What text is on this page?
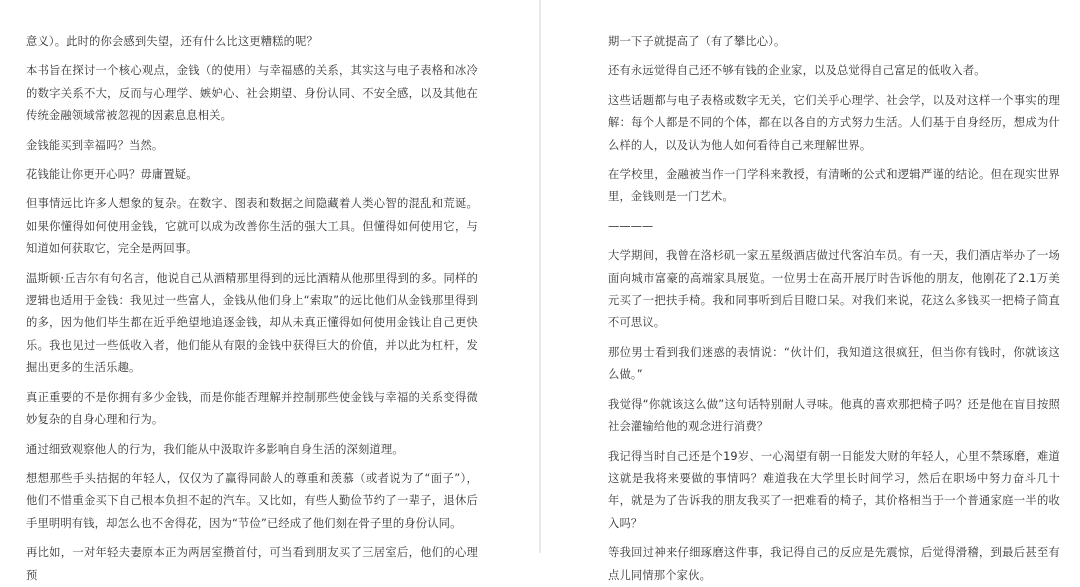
意义）。此时的你会感到失望，还有什么比这更糟糕的呢？

本书旨在探讨一个核心观点，金钱（的使用）与幸福感的关系，其实这与电子表格和冰冷的数字关系不大，反而与心理学、嫉妒心、社会期望、身份认同、不安全感，以及其他在传统金融领域常被忽视的因素息息相关。

金钱能买到幸福吗？当然。

花钱能让你更开心吗？毋庸置疑。

但事情远比许多人想象的复杂。在数字、图表和数据之间隐藏着人类心智的混乱和荒诞。如果你懂得如何使用金钱，它就可以成为改善你生活的强大工具。但懂得如何使用它，与知道如何获取它，完全是两回事。

温斯顿·丘吉尔有句名言，他说自己从酒精那里得到的远比酒精从他那里得到的多。同样的逻辑也适用于金钱：我见过一些富人，金钱从他们身上“索取”的远比他们从金钱那里得到的多，因为他们毕生都在近乎绝望地追逐金钱，却从未真正懂得如何使用金钱让自己更快乐。我也见过一些低收入者，他们能从有限的金钱中获得巨大的价值，并以此为杠杆，发掘出更多的生活乐趣。

真正重要的不是你拥有多少金钱，而是你能否理解并控制那些使金钱与幸福的关系变得微妙复杂的自身心理和行为。

通过细致观察他人的行为，我们能从中汲取许多影响自身生活的深刻道理。

想想那些手头拮据的年轻人，仅仅为了赢得同龄人的尊重和羡慕（或者说为了“面子”），他们不惜重金买下自己根本负担不起的汽车。又比如，有些人勤俭节约了一辈子，退休后手里明明有钱，却怎么也不舍得花，因为“节俭”已经成了他们刻在骨子里的身份认同。

再比如，一对年轻夫妻原本正为两居室攒首付，可当看到朋友买了三居室后，他们的心理预

期一下子就提高了（有了攀比心）。

还有永远觉得自己还不够有钱的企业家，以及总觉得自己富足的低收入者。

这些话题都与电子表格或数字无关，它们关乎心理学、社会学，以及对这样一个事实的理解：每个人都是不同的个体，都在以各自的方式努力生活。人们基于自身经历，想成为什么样的人，以及认为他人如何看待自己来理解世界。

在学校里，金融被当作一门学科来教授，有清晰的公式和逻辑严谨的结论。但在现实世界里，金钱则是一门艺术。

————

大学期间，我曾在洛杉矶一家五星级酒店做过代客泊车员。有一天，我们酒店举办了一场面向城市富豪的高端家具展览。一位男士在高开展厅时告诉他的朋友，他刚花了2.1万美元买了一把扶手椅。我和同事听到后目瞪口呆。对我们来说，花这么多钱买一把椅子简直不可思议。

那位男士看到我们迷惑的表情说：“伙计们，我知道这很疯狂，但当你有钱时，你就该这么做。”

我觉得“你就该这么做”这句话特别耐人寻味。他真的喜欢那把椅子吗？还是他在盲目按照社会灌输给他的观念进行消费？

我记得当时自己还是个19岁、一心渴望有朝一日能发大财的年轻人，心里不禁琢磨，难道这就是我将来要做的事情吗？难道我在大学里长时间学习，然后在职场中努力奋斗几十年，就是为了告诉我的朋友我买了一把难看的椅子，其价格相当于一个普通家庭一半的收入吗？

等我回过神来仔细琢磨这件事，我记得自己的反应是先震惊，后觉得滑稽，到最后甚至有点儿同情那个家伙。
